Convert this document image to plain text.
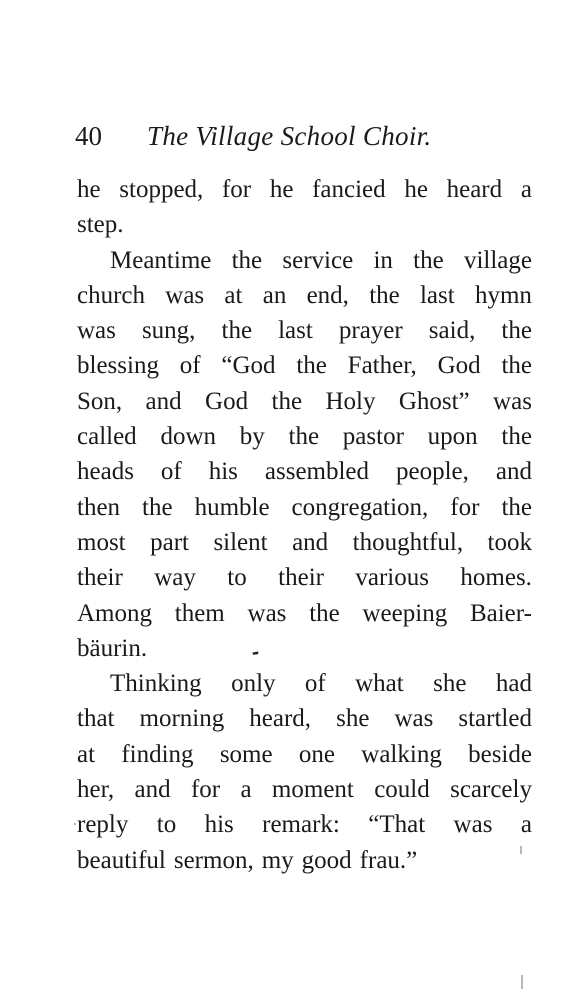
40 The Village School Choir.
he stopped, for he fancied he heard a
step.
Meantime the service in the village
church was at an end, the last hymn
was sung, the last prayer said, the
blessing of “God the Father, God the
Son, and God the Holy Ghost” was
called down by the pastor upon the
heads of his assembled people, and
then the humble congregation, for the
most part silent and thoughtful, took
their way to their various homes.
Among them was the weeping Baier-
bäurin.
Thinking only of what she had
that morning heard, she was startled
at finding some one walking beside
her, and for a moment could scarcely
reply to his remark: “That was a
beautiful sermon, my good frau.”
